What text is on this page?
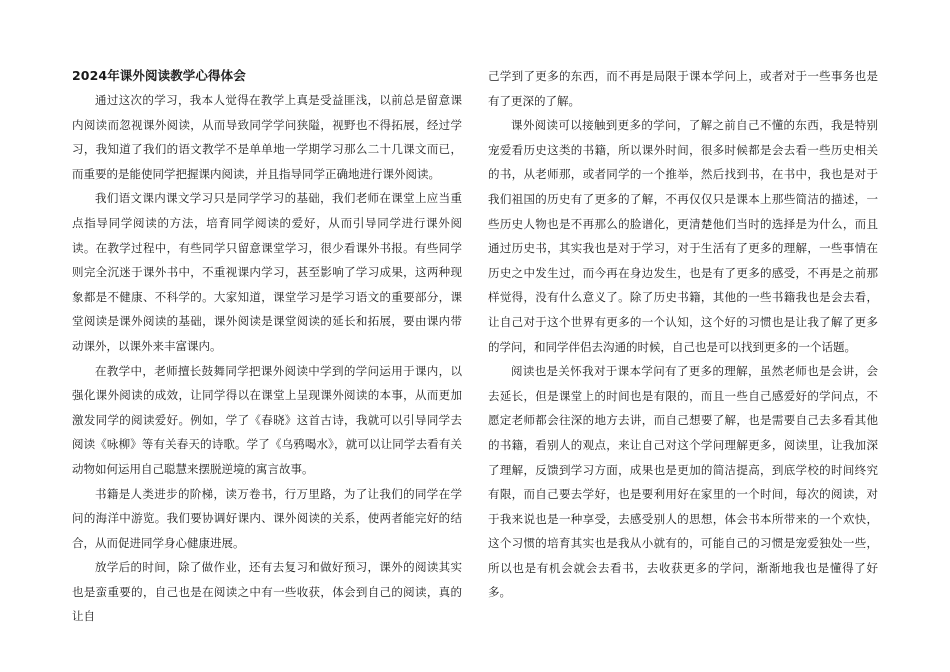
2024年课外阅读教学心得体会

通过这次的学习，我本人觉得在教学上真是受益匪浅，以前总是留意课内阅读而忽视课外阅读，从而导致同学学问狭隘，视野也不得拓展，经过学习，我知道了我们的语文教学不是单单地一学期学习那么二十几课文而已，而重要的是能使同学把握课内阅读，并且指导同学正确地进行课外阅读。

我们语文课内课文学习只是同学学习的基础，我们老师在课堂上应当重点指导同学阅读的方法，培育同学阅读的爱好，从而引导同学进行课外阅读。在教学过程中，有些同学只留意课堂学习，很少看课外书报。有些同学则完全沉迷于课外书中，不重视课内学习，甚至影响了学习成果，这两种现象都是不健康、不科学的。大家知道，课堂学习是学习语文的重要部分，课堂阅读是课外阅读的基础，课外阅读是课堂阅读的延长和拓展，要由课内带动课外，以课外来丰富课内。

在教学中，老师擅长鼓舞同学把课外阅读中学到的学问运用于课内，以强化课外阅读的成效，让同学得以在课堂上呈现课外阅读的本事，从而更加激发同学的阅读爱好。例如，学了《春晓》这首古诗，我就可以引导同学去阅读《咏柳》等有关春天的诗歌。学了《乌鸦喝水》，就可以让同学去看有关动物如何运用自己聪慧来摆脱逆境的寓言故事。

书籍是人类进步的阶梯，读万卷书，行万里路，为了让我们的同学在学问的海洋中游览。我们要协调好课内、课外阅读的关系，使两者能完好的结合，从而促进同学身心健康进展。

放学后的时间，除了做作业，还有去复习和做好预习，课外的阅读其实也是蛮重要的，自己也是在阅读之中有一些收获，体会到自己的阅读，真的让自

己学到了更多的东西，而不再是局限于课本学问上，或者对于一些事务也是有了更深的了解。

课外阅读可以接触到更多的学问，了解之前自己不懂的东西，我是特别宠爱看历史这类的书籍，所以课外时间，很多时候都是会去看一些历史相关的书，从老师那，或者同学的一个推举，然后找到书，在书中，我也是对于我们祖国的历史有了更多的了解，不再仅仅只是课本上那些简洁的描述，一些历史人物也是不再那么的脸谱化，更清楚他们当时的选择是为什么，而且通过历史书，其实我也是对于学习，对于生活有了更多的理解，一些事情在历史之中发生过，而今再在身边发生，也是有了更多的感受，不再是之前那样觉得，没有什么意义了。除了历史书籍，其他的一些书籍我也是会去看，让自己对于这个世界有更多的一个认知，这个好的习惯也是让我了解了更多的学问，和同学伴侣去沟通的时候，自己也是可以找到更多的一个话题。

阅读也是关怀我对于课本学问有了更多的理解，虽然老师也是会讲，会去延长，但是课堂上的时间也是有限的，而且一些自己感爱好的学问点，不愿定老师都会往深的地方去讲，而自己想要了解，也是需要自己去多看其他的书籍，看别人的观点，来让自己对这个学问理解更多，阅读里，让我加深了理解，反馈到学习方面，成果也是更加的简洁提高，到底学校的时间终究有限，而自己要去学好，也是要利用好在家里的一个时间，每次的阅读，对于我来说也是一种享受，去感受别人的思想，体会书本所带来的一个欢快，这个习惯的培育其实也是我从小就有的，可能自己的习惯是宠爱独处一些，所以也是有机会就会去看书，去收获更多的学问，渐渐地我也是懂得了好多。
